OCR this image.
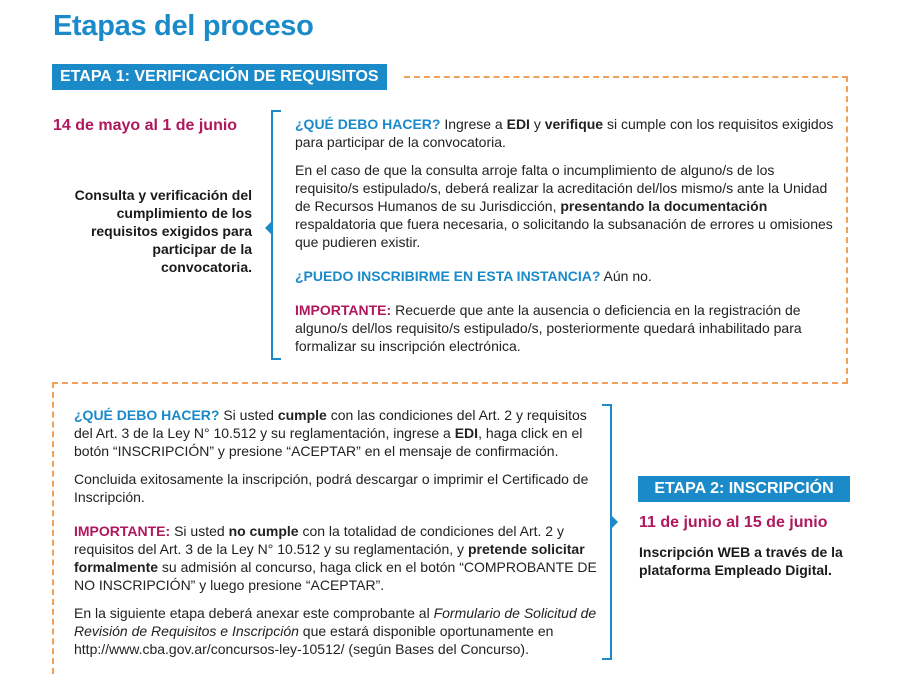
Etapas del proceso
ETAPA 1: VERIFICACIÓN DE REQUISITOS
14 de mayo al 1 de junio
Consulta y verificación del cumplimiento de los requisitos exigidos para participar de la convocatoria.

¿QUÉ DEBO HACER? Ingrese a EDI y verifique si cumple con los requisitos exigidos para participar de la convocatoria.

En el caso de que la consulta arroje falta o incumplimiento de alguno/s de los requisito/s estipulado/s, deberá realizar la acreditación del/los mismo/s ante la Unidad de Recursos Humanos de su Jurisdicción, presentando la documentación respaldatoria que fuera necesaria, o solicitando la subsanación de errores u omisiones que pudieren existir.

¿PUEDO INSCRIBIRME EN ESTA INSTANCIA? Aún no.

IMPORTANTE: Recuerde que ante la ausencia o deficiencia en la registración de alguno/s del/los requisito/s estipulado/s, posteriormente quedará inhabilitado para formalizar su inscripción electrónica.

¿QUÉ DEBO HACER? Si usted cumple con las condiciones del Art. 2 y requisitos del Art. 3 de la Ley N° 10.512 y su reglamentación, ingrese a EDI, haga click en el botón “INSCRIPCIÓN” y presione “ACEPTAR” en el mensaje de confirmación.

Concluida exitosamente la inscripción, podrá descargar o imprimir el Certificado de Inscripción.

IMPORTANTE: Si usted no cumple con la totalidad de condiciones del Art. 2 y requisitos del Art. 3 de la Ley N° 10.512 y su reglamentación, y pretende solicitar formalmente su admisión al concurso, haga click en el botón “COMPROBANTE DE NO INSCRIPCIÓN” y luego presione “ACEPTAR”.

En la siguiente etapa deberá anexar este comprobante al Formulario de Solicitud de Revisión de Requisitos e Inscripción que estará disponible oportunamente en http://www.cba.gov.ar/concursos-ley-10512/ (según Bases del Concurso).

ETAPA 2: INSCRIPCIÓN
11 de junio al 15 de junio
Inscripción WEB a través de la plataforma Empleado Digital.
